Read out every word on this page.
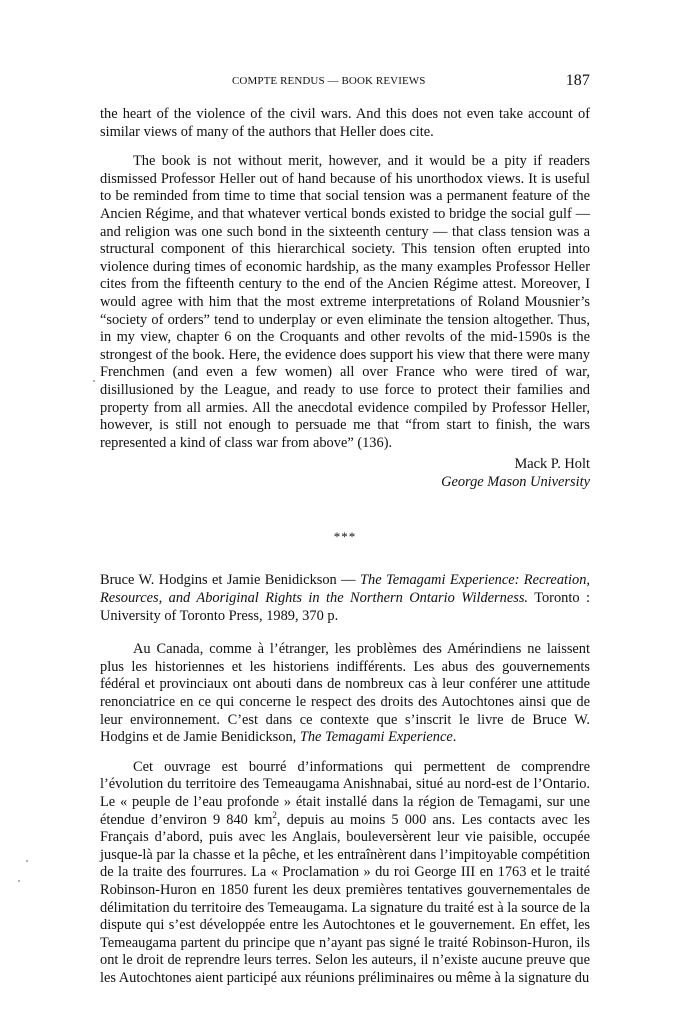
COMPTE RENDUS — BOOK REVIEWS	187

the heart of the violence of the civil wars. And this does not even take account of similar views of many of the authors that Heller does cite.

The book is not without merit, however, and it would be a pity if readers dismissed Professor Heller out of hand because of his unorthodox views. It is useful to be reminded from time to time that social tension was a permanent feature of the Ancien Régime, and that whatever vertical bonds existed to bridge the social gulf — and religion was one such bond in the sixteenth century — that class tension was a structural component of this hierarchical society. This tension often erupted into violence during times of economic hardship, as the many examples Professor Heller cites from the fifteenth century to the end of the Ancien Régime attest. Moreover, I would agree with him that the most extreme interpretations of Roland Mousnier’s “society of orders” tend to underplay or even eliminate the tension altogether. Thus, in my view, chapter 6 on the Croquants and other revolts of the mid-1590s is the strongest of the book. Here, the evidence does support his view that there were many Frenchmen (and even a few women) all over France who were tired of war, disillusioned by the League, and ready to use force to protect their families and property from all armies. All the anecdotal evidence compiled by Professor Heller, however, is still not enough to persuade me that “from start to finish, the wars represented a kind of class war from above” (136).

Mack P. Holt
George Mason University
***

Bruce W. Hodgins et Jamie Benidickson — The Temagami Experience: Recreation, Resources, and Aboriginal Rights in the Northern Ontario Wilderness. Toronto : University of Toronto Press, 1989, 370 p.

Au Canada, comme à l’étranger, les problèmes des Amérindiens ne laissent plus les historiennes et les historiens indifférents. Les abus des gouvernements fédéral et provinciaux ont abouti dans de nombreux cas à leur conférer une attitude renonciatrice en ce qui concerne le respect des droits des Autochtones ainsi que de leur environnement. C’est dans ce contexte que s’inscrit le livre de Bruce W. Hodgins et de Jamie Benidickson, The Temagami Experience.

Cet ouvrage est bourré d’informations qui permettent de comprendre l’évolution du territoire des Temeaugama Anishnabai, situé au nord-est de l’Ontario. Le « peuple de l’eau profonde » était installé dans la région de Temagami, sur une étendue d’environ 9 840 $km^2$, depuis au moins 5 000 ans. Les contacts avec les Français d’abord, puis avec les Anglais, bouleversèrent leur vie paisible, occupée jusque-là par la chasse et la pêche, et les entraînèrent dans l’impitoyable compétition de la traite des fourrures. La « Proclamation » du roi George III en 1763 et le traité Robinson-Huron en 1850 furent les deux premières tentatives gouvernementales de délimitation du territoire des Temeaugama. La signature du traité est à la source de la dispute qui s’est développée entre les Autochtones et le gouvernement. En effet, les Temeaugama partent du principe que n’ayant pas signé le traité Robinson-Huron, ils ont le droit de reprendre leurs terres. Selon les auteurs, il n’existe aucune preuve que les Autochtones aient participé aux réunions préliminaires ou même à la signature du
